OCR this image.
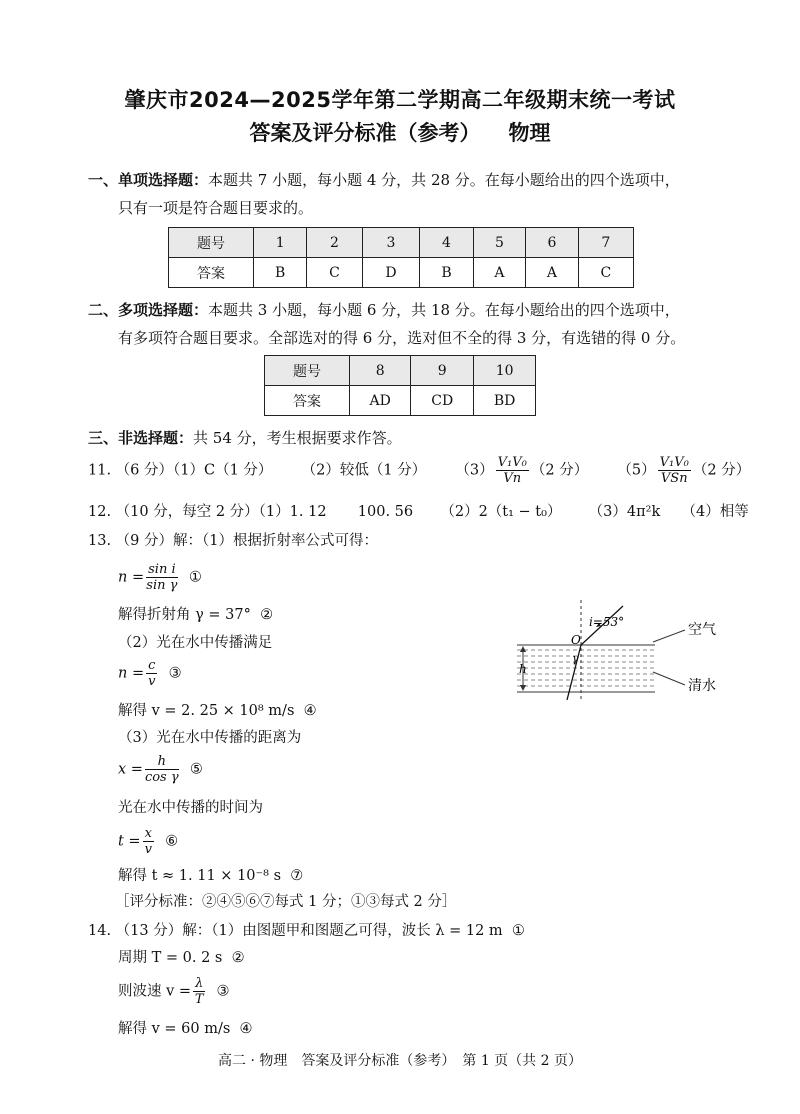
肇庆市2024—2025学年第二学期高二年级期末统一考试
答案及评分标准（参考） 物理
一、单项选择题：本题共 7 小题，每小题 4 分，共 28 分。在每小题给出的四个选项中，
只有一项是符合题目要求的。
题号	1	2	3	4	5	6	7
答案	B	C	D	B	A	A	C
二、多项选择题：本题共 3 小题，每小题 6 分，共 18 分。在每小题给出的四个选项中，
有多项符合题目要求。全部选对的得 6 分，选对但不全的得 3 分，有选错的得 0 分。
题号	8	9	10
答案	AD	CD	BD
三、非选择题：共 54 分，考生根据要求作答。
11. （6 分）（1）C（1 分） （2）较低（1 分） $(3) \frac{\text{V₁V₀}}{Vn} (2$ 分） $(5) \frac{\text{V₁V₀}}{\text{VSn}} (2$ 分）
12. （10 分，每空 2 分）（1）1. 12 100. 56 （2）2（t₁ − t₀） （3）4π²k （4）相等
13. （9 分）解：（1）根据折射率公式可得：
$n = \frac{\text{sin i}}{\text{sin γ}}$ ①
解得折射角 γ = 37° ②
（2）光在水中传播满足
$n = \frac{c}{v}$ ③
解得 v = 2. 25 × 10⁸ m/s ④
（3）光在水中传播的距离为
$x = \frac{h}{\text{cos γ}}$ ⑤
光在水中传播的时间为
$t = \frac{x}{v}$ ⑥
解得 t ≈ 1. 11 × 10⁻⁸ s ⑦
［评分标准：②④⑤⑥⑦每式 1 分；①③每式 2 分］
h
i=53°
O
γ
空气
清水
14. （13 分）解：（1）由图题甲和图题乙可得，波长 λ = 12 m ①
周期 T = 0. 2 s ②
则波速 $v = \frac{\lambda}{T}$ ③
解得 v = 60 m/s ④
高二 · 物理　答案及评分标准（参考）　第 1 页（共 2 页）
